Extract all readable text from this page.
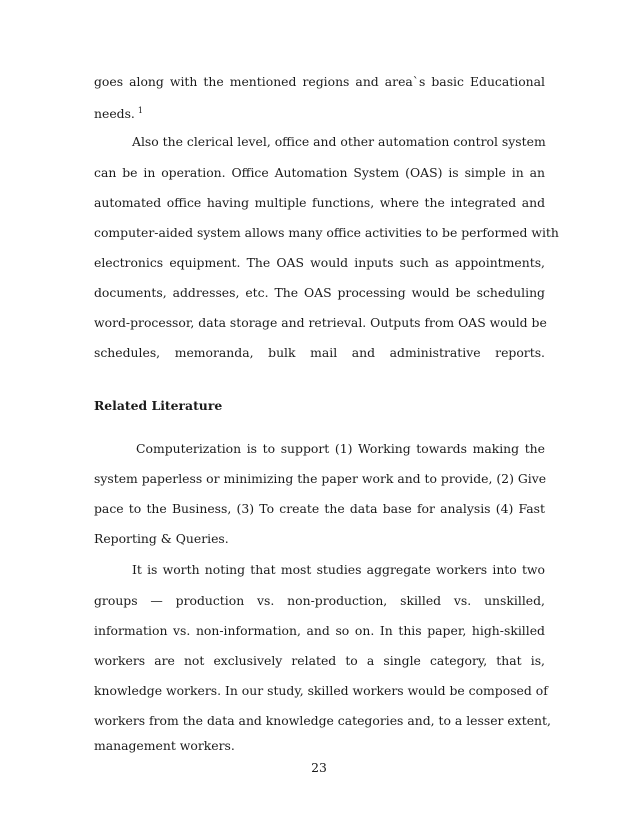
goes along with the mentioned regions and area`s basic Educational
needs. $^1$
Also the clerical level, office and other automation control system
can be in operation. Office Automation System (OAS) is simple in an
automated office having multiple functions, where the integrated and
computer-aided system allows many office activities to be performed with
electronics equipment. The OAS would inputs such as appointments,
documents, addresses, etc. The OAS processing would be scheduling
word-processor, data storage and retrieval. Outputs from OAS would be
schedules, memoranda, bulk mail and administrative reports.
Related Literature
Computerization is to support (1) Working towards making the
system paperless or minimizing the paper work and to provide, (2) Give
pace to the Business, (3) To create the data base for analysis (4) Fast
Reporting & Queries.
It is worth noting that most studies aggregate workers into two
groups — production vs. non-production, skilled vs. unskilled,
information vs. non-information, and so on. In this paper, high-skilled
workers are not exclusively related to a single category, that is,
knowledge workers. In our study, skilled workers would be composed of
workers from the data and knowledge categories and, to a lesser extent,
management workers.
23
